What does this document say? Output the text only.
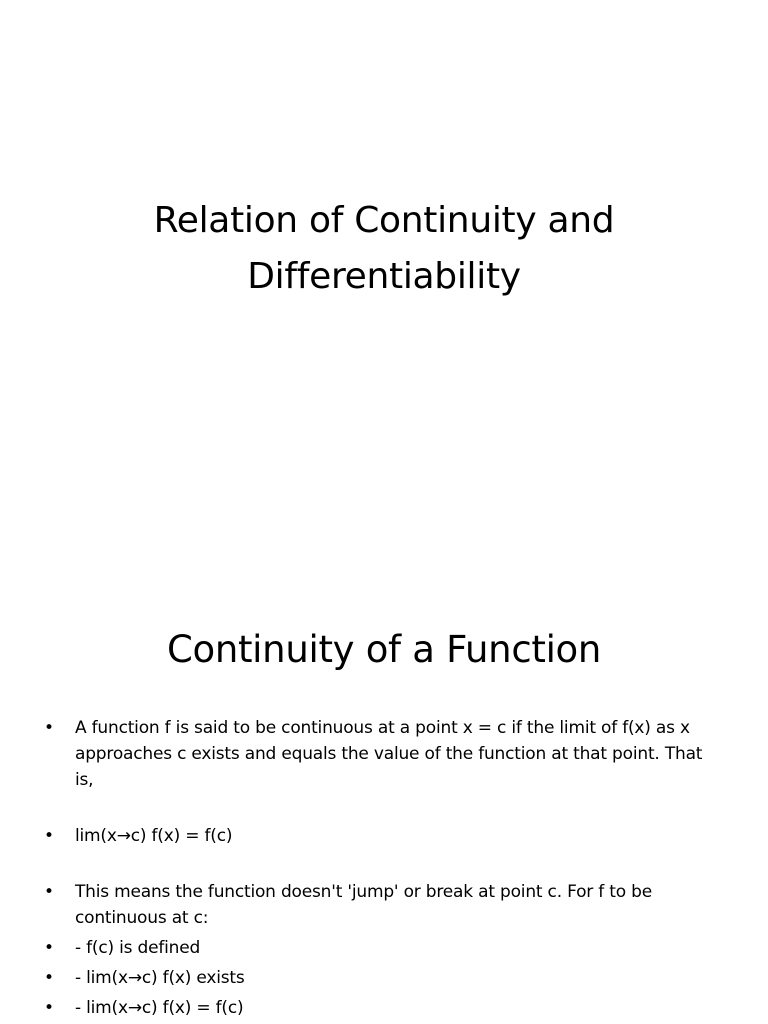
Relation of Continuity and
Differentiability
Continuity of a Function
• A function f is said to be continuous at a point x = c if the limit of f(x) as x approaches c exists and equals the value of the function at that point. That is,
• lim(x→c) f(x) = f(c)
• This means the function doesn't 'jump' or break at point c. For f to be continuous at c:
• - f(c) is defined
• - lim(x→c) f(x) exists
• - lim(x→c) f(x) = f(c)
